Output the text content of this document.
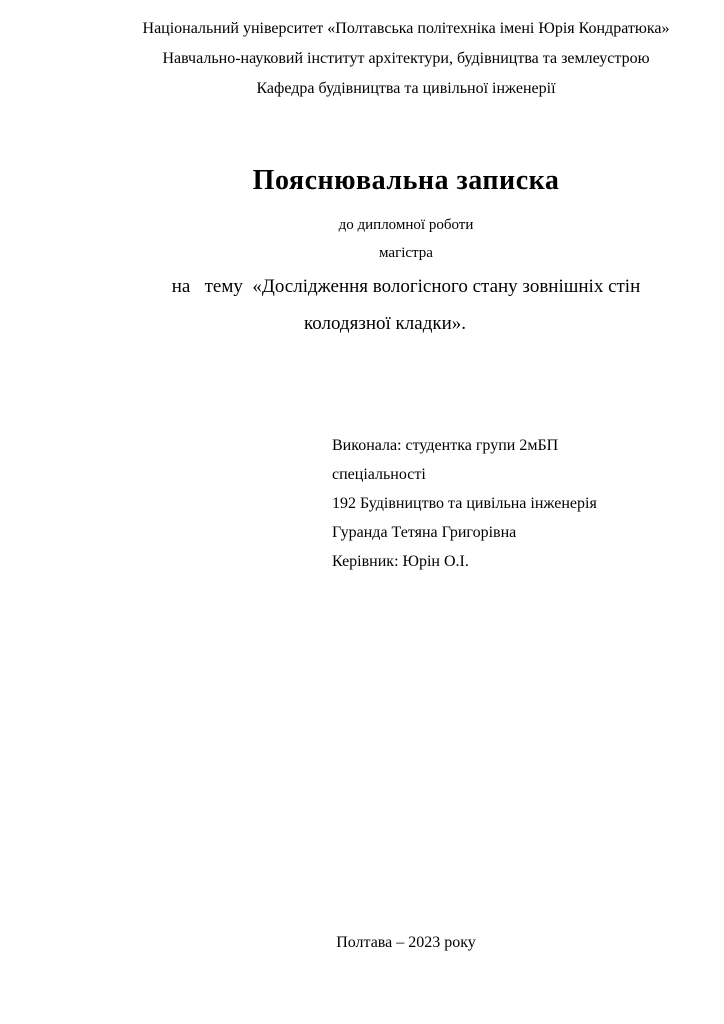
Національний університет «Полтавська політехніка імені Юрія Кондратюка»
Навчально-науковий інститут архітектури, будівництва та землеустрою
Кафедра будівництва та цивільної інженерії
Пояснювальна записка
до дипломної роботи
магістра
на   тему  «Дослідження вологісного стану зовнішніх стін
колодязної кладки».
Виконала: студентка групи 2мБП
спеціальності
192 Будівництво та цивільна інженерія
Гуранда Тетяна Григорівна
Керівник: Юрін О.І.
Полтава – 2023 року
